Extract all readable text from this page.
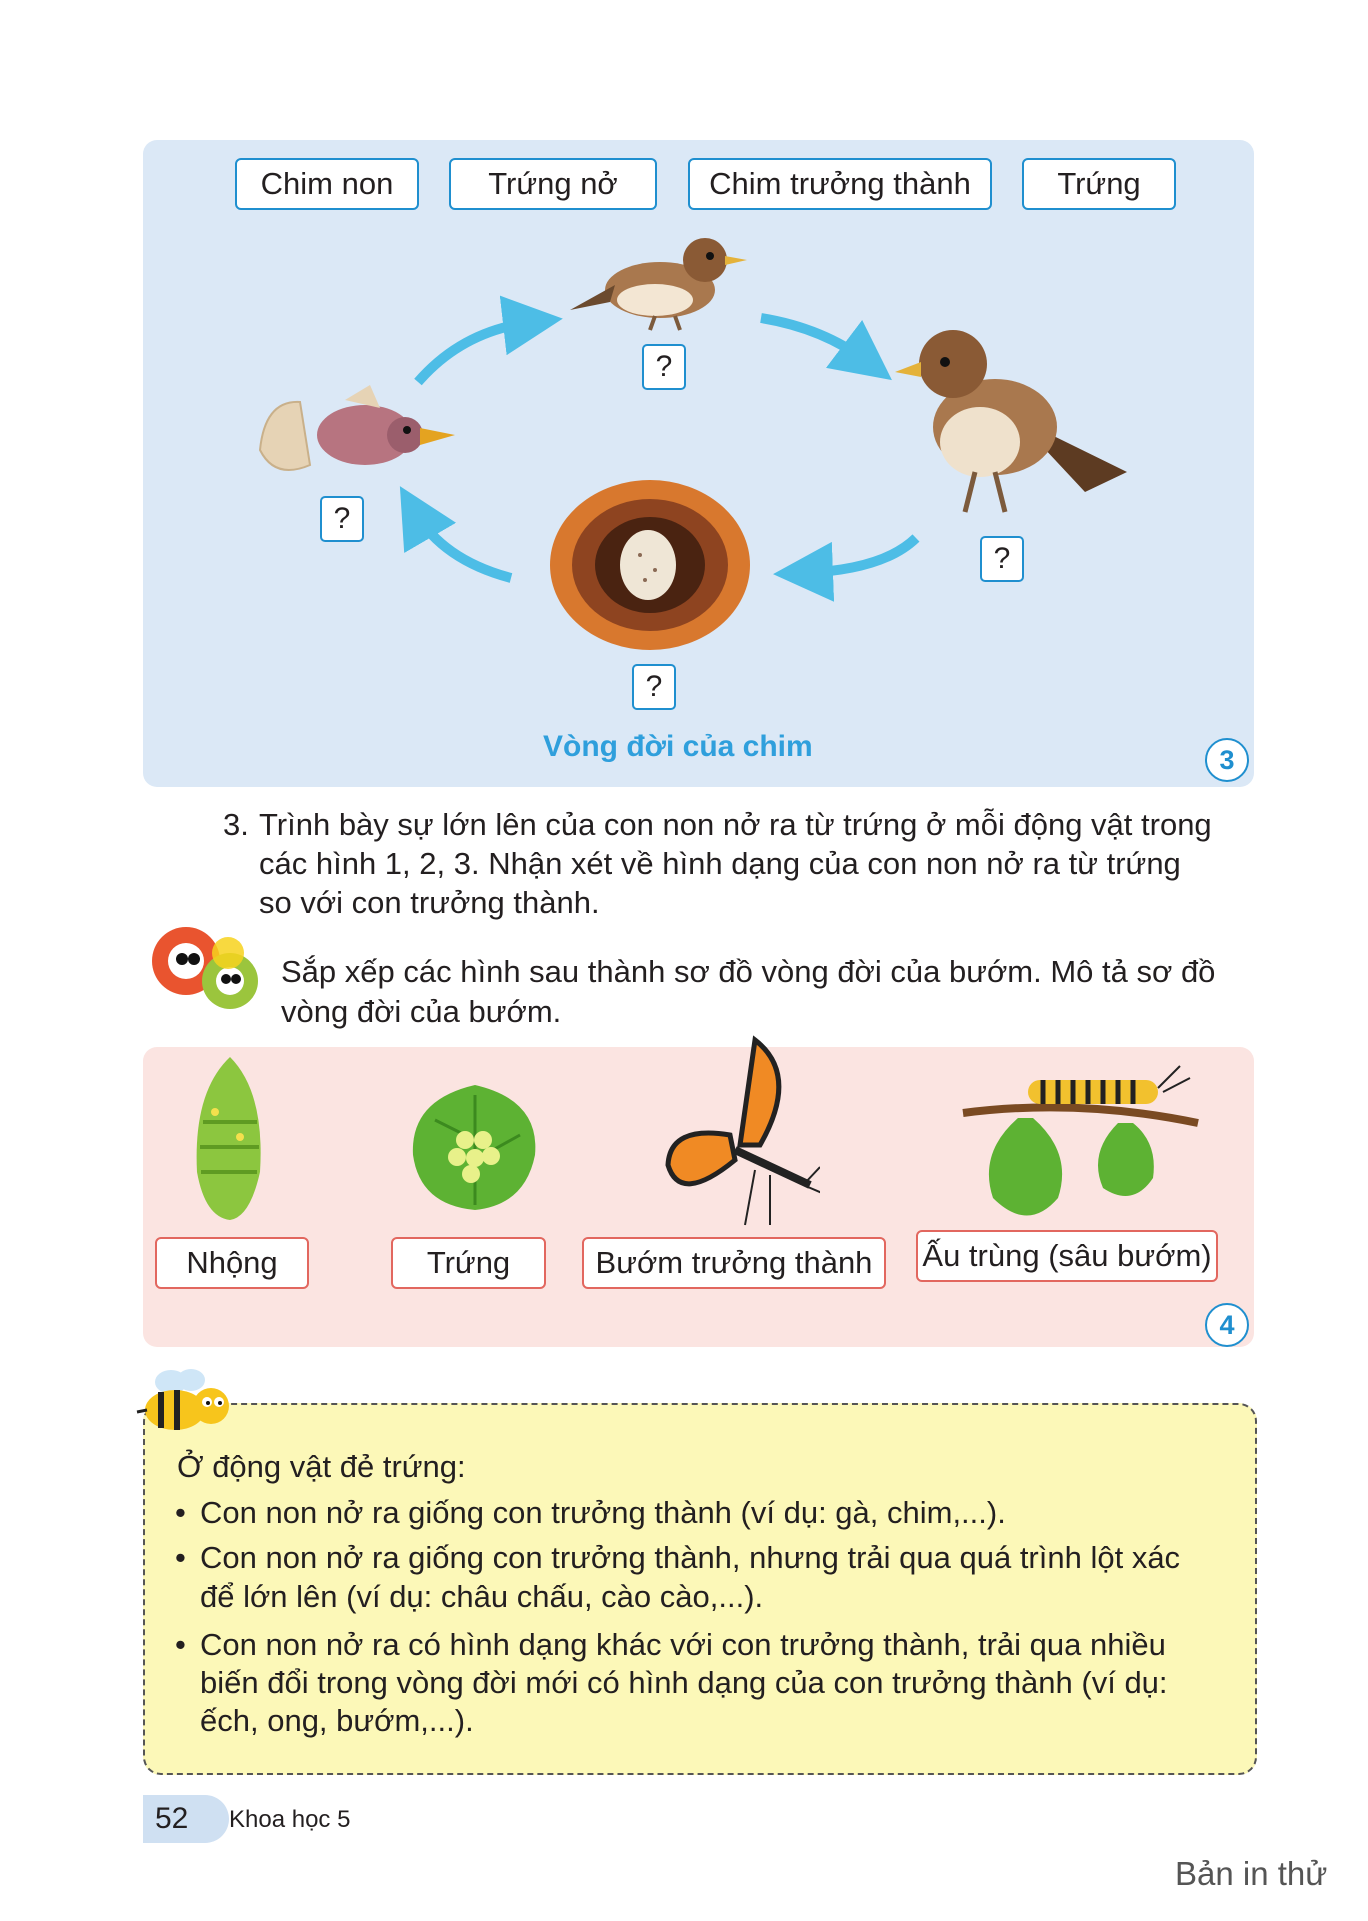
Chim non	Trứng nở	Chim trưởng thành	Trứng
?
?
?
?
Vòng đời của chim	3
3. Trình bày sự lớn lên của con non nở ra từ trứng ở mỗi động vật trong
các hình 1, 2, 3. Nhận xét về hình dạng của con non nở ra từ trứng
so với con trưởng thành.
Sắp xếp các hình sau thành sơ đồ vòng đời của bướm. Mô tả sơ đồ
vòng đời của bướm.
Nhộng	Trứng	Bướm trưởng thành	Ấu trùng (sâu bướm)
4
Ở động vật đẻ trứng:
• Con non nở ra giống con trưởng thành (ví dụ: gà, chim,...).
• Con non nở ra giống con trưởng thành, nhưng trải qua quá trình lột xác
để lớn lên (ví dụ: châu chấu, cào cào,...).
• Con non nở ra có hình dạng khác với con trưởng thành, trải qua nhiều
biến đổi trong vòng đời mới có hình dạng của con trưởng thành (ví dụ:
ếch, ong, bướm,...).
52	Khoa học 5
Bản in thử
